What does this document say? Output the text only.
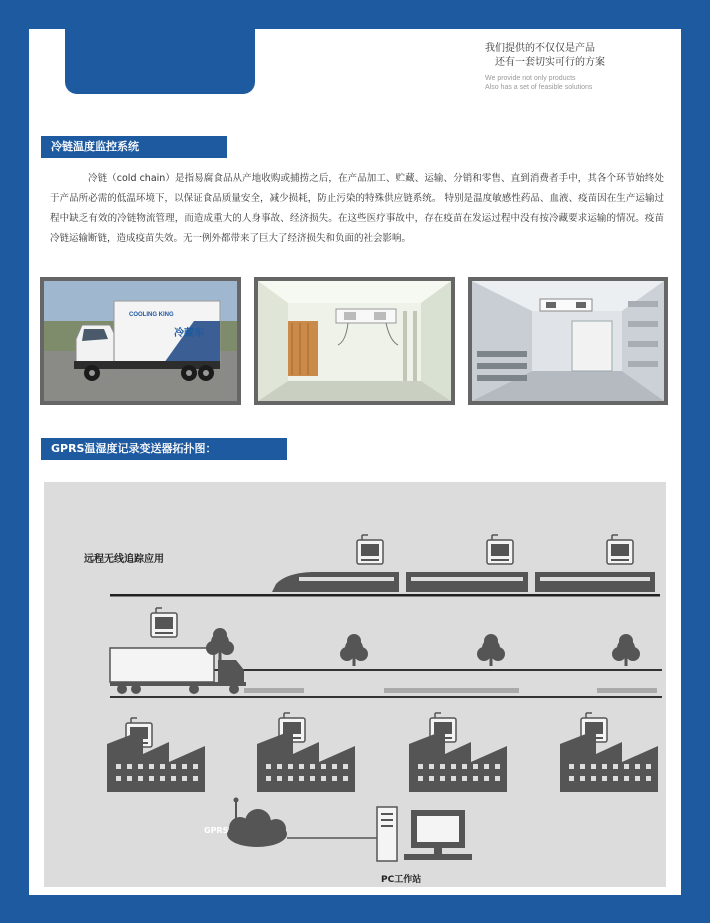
我们提供的不仅仅是产品
还有一套切实可行的方案
We provide not only products
Also has a set of feasible solutions
冷链温度监控系统

冷链（cold chain）是指易腐食品从产地收购或捕捞之后，在产品加工、贮藏、运输、分销和零售、直到消费者手中，其各个环节始终处于产品所必需的低温环境下，以保证食品质量安全，减少损耗，防止污染的特殊供应链系统。 特别是温度敏感性药品、血液、疫苗因在生产运输过程中缺乏有效的冷链物流管理，而造成重大的人身事故、经济损失。在这些医疗事故中，存在疫苗在发运过程中没有按冷藏要求运输的情况。疫苗冷链运输断链，造成疫苗失效。无一例外都带来了巨大了经济损失和负面的社会影响。

COOLING KING
冷藏车
GPRS温湿度记录变送器拓扑图：
远程无线追踪应用
GPRS
PC工作站
